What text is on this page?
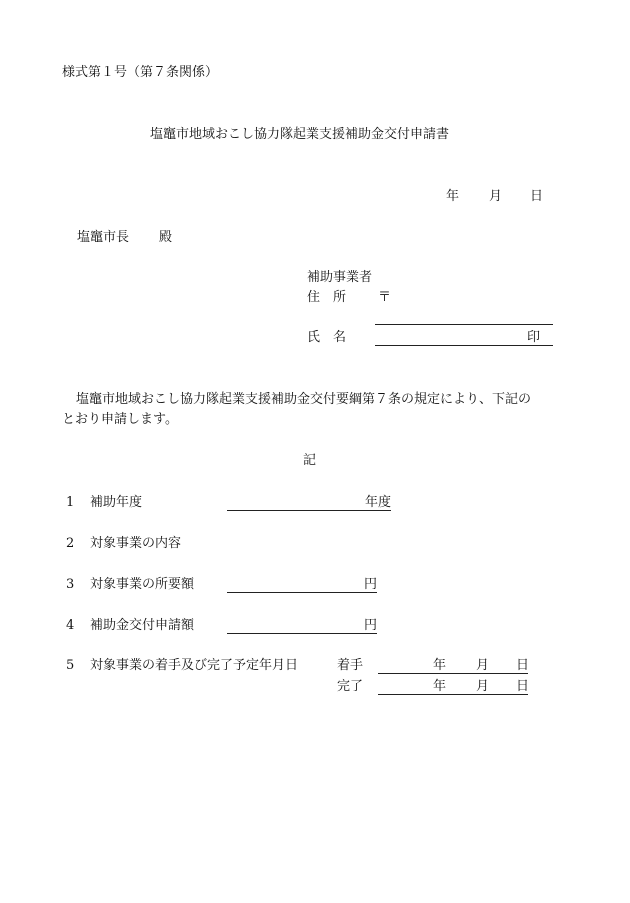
様式第１号（第７条関係）
塩竈市地域おこし協力隊起業支援補助金交付申請書
年 月 日
塩竈市長 殿
補助事業者
住　所 〒
氏　名	印
塩竈市地域おこし協力隊起業支援補助金交付要綱第７条の規定により、下記の
とおり申請します。
記
1 補助年度	年度
2 対象事業の内容
3 対象事業の所要額	円
4 補助金交付申請額	円
5 対象事業の着手及び完了予定年月日	着手	年 月 日
完了	年 月 日
